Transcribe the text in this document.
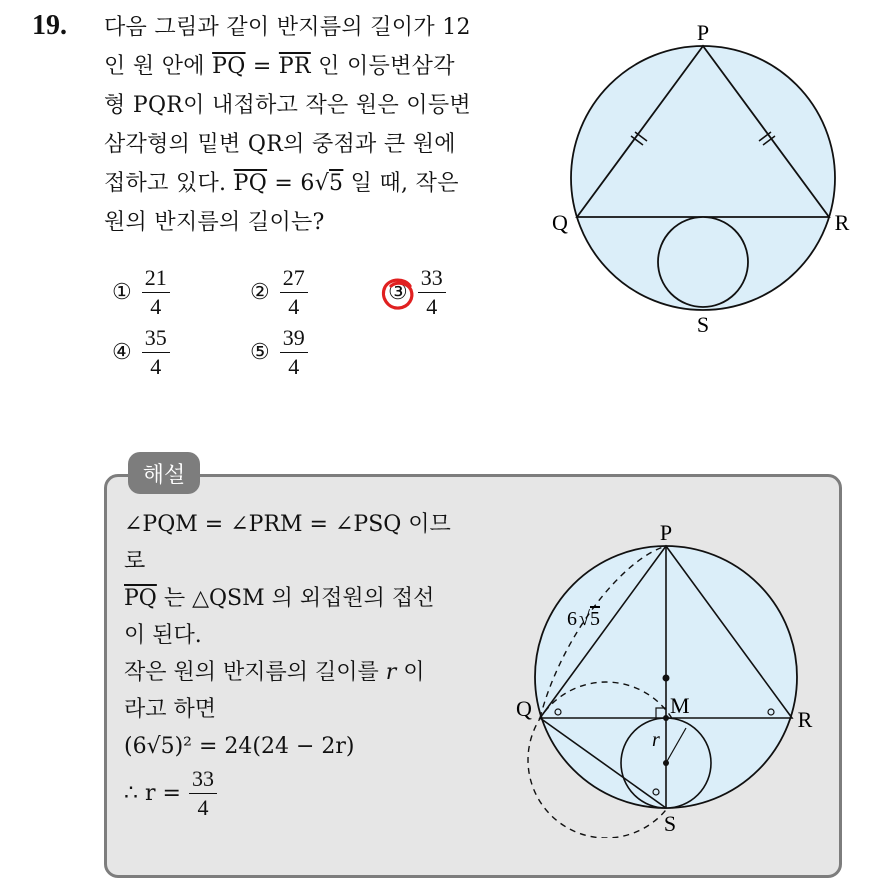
19. 다음 그림과 같이 반지름의 길이가 12
인 원 안에 $\overline{PQ} = \overline{PR}$ 인 이등변삼각
형 PQR이 내접하고 작은 원은 이등변
삼각형의 밑변 QR의 중점과 큰 원에
접하고 있다. $\overline{PQ} = 6√5$ 일 때, 작은
원의 반지름의 길이는?
① $\frac{21}{4}$	② $\frac{27}{4}$	③ $\frac{33}{4}$
④ $\frac{35}{4}$	⑤ $\frac{39}{4}$
P
Q	R
S
해설
∠PQM = ∠PRM = ∠PSQ 이므
로
$\overline{PQ}$ 는 △QSM 의 외접원의 접선
이 된다.
작은 원의 반지름의 길이를 r 이
라고 하면
(6√5)² = 24(24 − 2r)
∴ $r = \frac{33}{4}$
6 √5
P
Q	R
S
M
r
